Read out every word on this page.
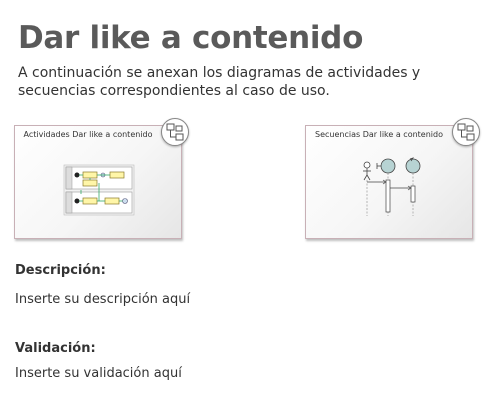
Dar like a contenido
A continuación se anexan los diagramas de actividades y secuencias correspondientes al caso de uso.
Actividades Dar like a contenido	Secuencias Dar like a contenido
Descripción:
Inserte su descripción aquí
Validación:
Inserte su validación aquí
